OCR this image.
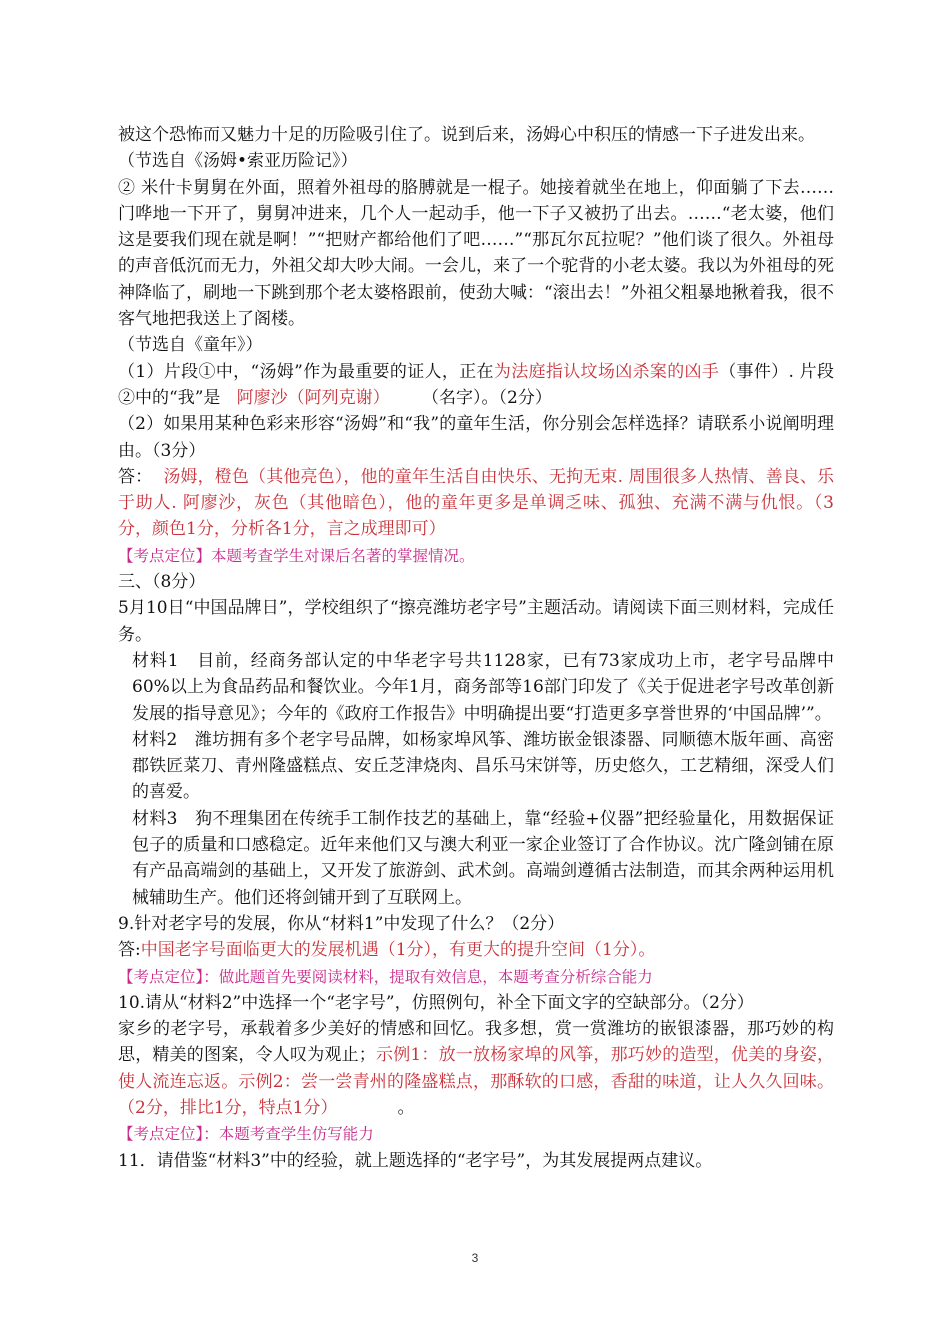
被这个恐怖而又魅力十足的历险吸引住了。说到后来，汤姆心中积压的情感一下子进发出来。

（节选自《汤姆•索亚历险记》）

② 米什卡舅舅在外面，照着外祖母的胳膊就是一棍子。她接着就坐在地上，仰面躺了下去……门哗地一下开了，舅舅冲进来，几个人一起动手，他一下子又被扔了出去。……“老太婆，他们这是要我们现在就是啊！”“把财产都给他们了吧……”“那瓦尔瓦拉呢？”他们谈了很久。外祖母的声音低沉而无力，外祖父却大吵大闹。一会儿，来了一个驼背的小老太婆。我以为外祖母的死神降临了，刷地一下跳到那个老太婆格跟前，使劲大喊：“滚出去！”外祖父粗暴地揪着我，很不客气地把我送上了阁楼。

（节选自《童年》）

（1）片段①中，“汤姆”作为最重要的证人，正在为法庭指认坟场凶杀案的凶手（事件）. 片段②中的“我”是 阿廖沙（阿列克谢） （名字）。（2分）

（2）如果用某种色彩来形容“汤姆”和“我”的童年生活，你分别会怎样选择？请联系小说阐明理由。（3分）

答： 汤姆，橙色（其他亮色），他的童年生活自由快乐、无拘无束. 周围很多人热情、善良、乐于助人. 阿廖沙，灰色（其他暗色），他的童年更多是单调乏味、孤独、充满不满与仇恨。（3分，颜色1分，分析各1分，言之成理即可）

【考点定位】本题考查学生对课后名著的掌握情况。

三、（8分）

5月10日“中国品牌日”，学校组织了“擦亮潍坊老字号”主题活动。请阅读下面三则材料，完成任务。

材料1　目前，经商务部认定的中华老字号共1128家，已有73家成功上市，老字号品牌中60%以上为食品药品和餐饮业。今年1月，商务部等16部门印发了《关于促进老字号改革创新发展的指导意见》；今年的《政府工作报告》中明确提出要“打造更多享誉世界的‘中国品牌’”。

材料2　潍坊拥有多个老字号品牌，如杨家埠风筝、潍坊嵌金银漆器、同顺德木版年画、高密郡铁匠菜刀、青州隆盛糕点、安丘芝津烧肉、昌乐马宋饼等，历史悠久，工艺精细，深受人们的喜爱。

材料3　狗不理集团在传统手工制作技艺的基础上，靠“经验+仪器”把经验量化，用数据保证包子的质量和口感稳定。近年来他们又与澳大利亚一家企业签订了合作协议。沈广隆剑铺在原有产品高端剑的基础上，又开发了旅游剑、武术剑。高端剑遵循古法制造，而其余两种运用机械辅助生产。他们还将剑铺开到了互联网上。

9.针对老字号的发展，你从“材料1”中发现了什么？（2分）

答:中国老字号面临更大的发展机遇（1分），有更大的提升空间（1分）。

【考点定位】：做此题首先要阅读材料，提取有效信息，本题考查分析综合能力

10.请从“材料2”中选择一个“老字号”，仿照例句，补全下面文字的空缺部分。（2分）

家乡的老字号，承载着多少美好的情感和回忆。我多想，赏一赏潍坊的嵌银漆器，那巧妙的构思，精美的图案，令人叹为观止；示例1：放一放杨家埠的风筝，那巧妙的造型，优美的身姿，使人流连忘返。示例2：尝一尝青州的隆盛糕点，那酥软的口感，香甜的味道，让人久久回味。（2分，排比1分，特点1分）	。

【考点定位】：本题考查学生仿写能力

11．请借鉴“材料3”中的经验，就上题选择的“老字号”，为其发展提两点建议。

3
